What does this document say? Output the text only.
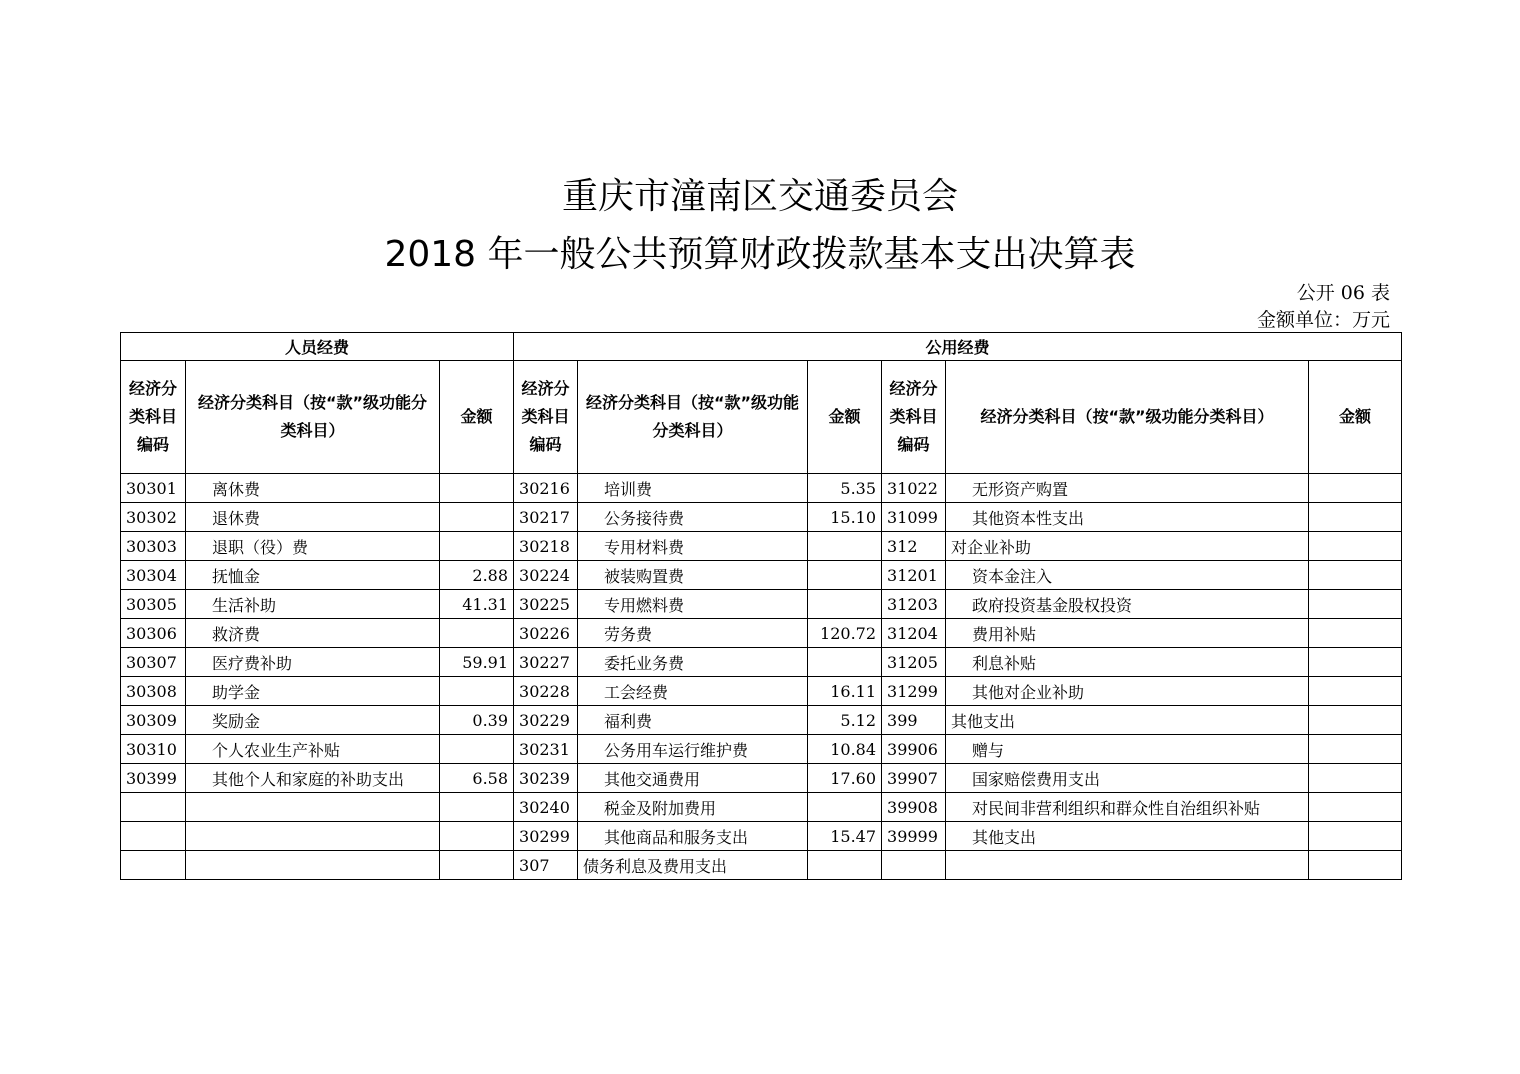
重庆市潼南区交通委员会
2018 年一般公共预算财政拨款基本支出决算表
公开 06 表
金额单位：万元
人员经费			公用经费					
经济分类科目编码	经济分类科目（按“款”级功能分类科目）	金额	经济分类科目编码	经济分类科目（按“款”级功能分类科目）	金额	经济分类科目编码	经济分类科目（按“款”级功能分类科目）	金额
30301	离休费		30216	培训费	5.35	31022	无形资产购置	
30302	退休费		30217	公务接待费	15.10	31099	其他资本性支出	
30303	退职（役）费		30218	专用材料费		312	对企业补助	
30304	抚恤金	2.88	30224	被装购置费		31201	资本金注入	
30305	生活补助	41.31	30225	专用燃料费		31203	政府投资基金股权投资	
30306	救济费		30226	劳务费	120.72	31204	费用补贴	
30307	医疗费补助	59.91	30227	委托业务费		31205	利息补贴	
30308	助学金		30228	工会经费	16.11	31299	其他对企业补助	
30309	奖励金	0.39	30229	福利费	5.12	399	其他支出	
30310	个人农业生产补贴		30231	公务用车运行维护费	10.84	39906	赠与	
30399	其他个人和家庭的补助支出	6.58	30239	其他交通费用	17.60	39907	国家赔偿费用支出	
			30240	税金及附加费用		39908	对民间非营利组织和群众性自治组织补贴	
			30299	其他商品和服务支出	15.47	39999	其他支出	
			307	债务利息及费用支出				
